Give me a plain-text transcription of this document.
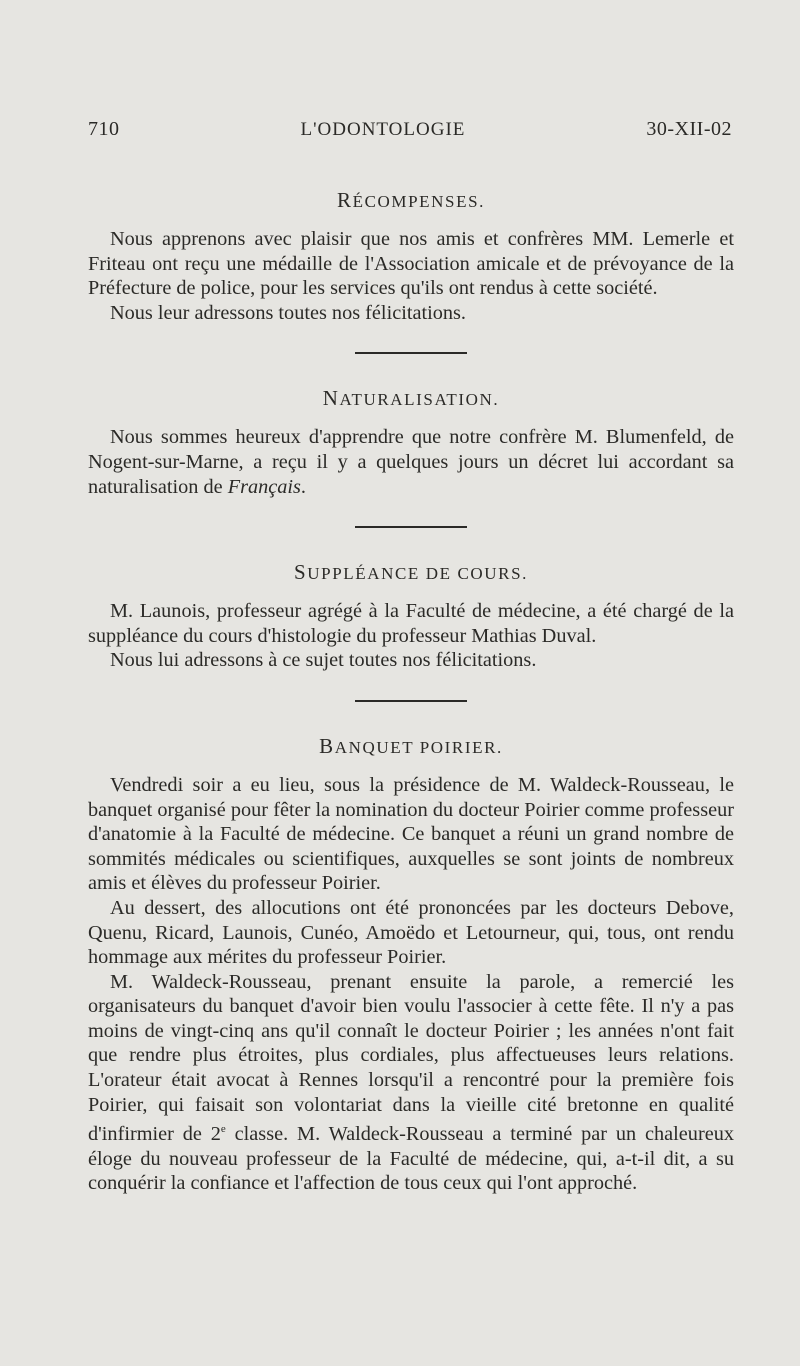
710	L'ODONTOLOGIE	30-XII-02
RÉCOMPENSES.

Nous apprenons avec plaisir que nos amis et confrères MM. Lemerle et Friteau ont reçu une médaille de l'Association amicale et de prévoyance de la Préfecture de police, pour les services qu'ils ont rendus à cette société.

Nous leur adressons toutes nos félicitations.

NATURALISATION.

Nous sommes heureux d'apprendre que notre confrère M. Blumenfeld, de Nogent-sur-Marne, a reçu il y a quelques jours un décret lui accordant sa naturalisation de Français.

SUPPLÉANCE DE COURS.

M. Launois, professeur agrégé à la Faculté de médecine, a été chargé de la suppléance du cours d'histologie du professeur Mathias Duval.

Nous lui adressons à ce sujet toutes nos félicitations.

BANQUET POIRIER.

Vendredi soir a eu lieu, sous la présidence de M. Waldeck-Rousseau, le banquet organisé pour fêter la nomination du docteur Poirier comme professeur d'anatomie à la Faculté de médecine. Ce banquet a réuni un grand nombre de sommités médicales ou scientifiques, auxquelles se sont joints de nombreux amis et élèves du professeur Poirier.

Au dessert, des allocutions ont été prononcées par les docteurs Debove, Quenu, Ricard, Launois, Cunéo, Amoëdo et Letourneur, qui, tous, ont rendu hommage aux mérites du professeur Poirier.

M. Waldeck-Rousseau, prenant ensuite la parole, a remercié les organisateurs du banquet d'avoir bien voulu l'associer à cette fête. Il n'y a pas moins de vingt-cinq ans qu'il connaît le docteur Poirier ; les années n'ont fait que rendre plus étroites, plus cordiales, plus affectueuses leurs relations. L'orateur était avocat à Rennes lorsqu'il a rencontré pour la première fois Poirier, qui faisait son volontariat dans la vieille cité bretonne en qualité d'infirmier de 2e classe. M. Waldeck-Rousseau a terminé par un chaleureux éloge du nouveau professeur de la Faculté de médecine, qui, a-t-il dit, a su conquérir la confiance et l'affection de tous ceux qui l'ont approché.
